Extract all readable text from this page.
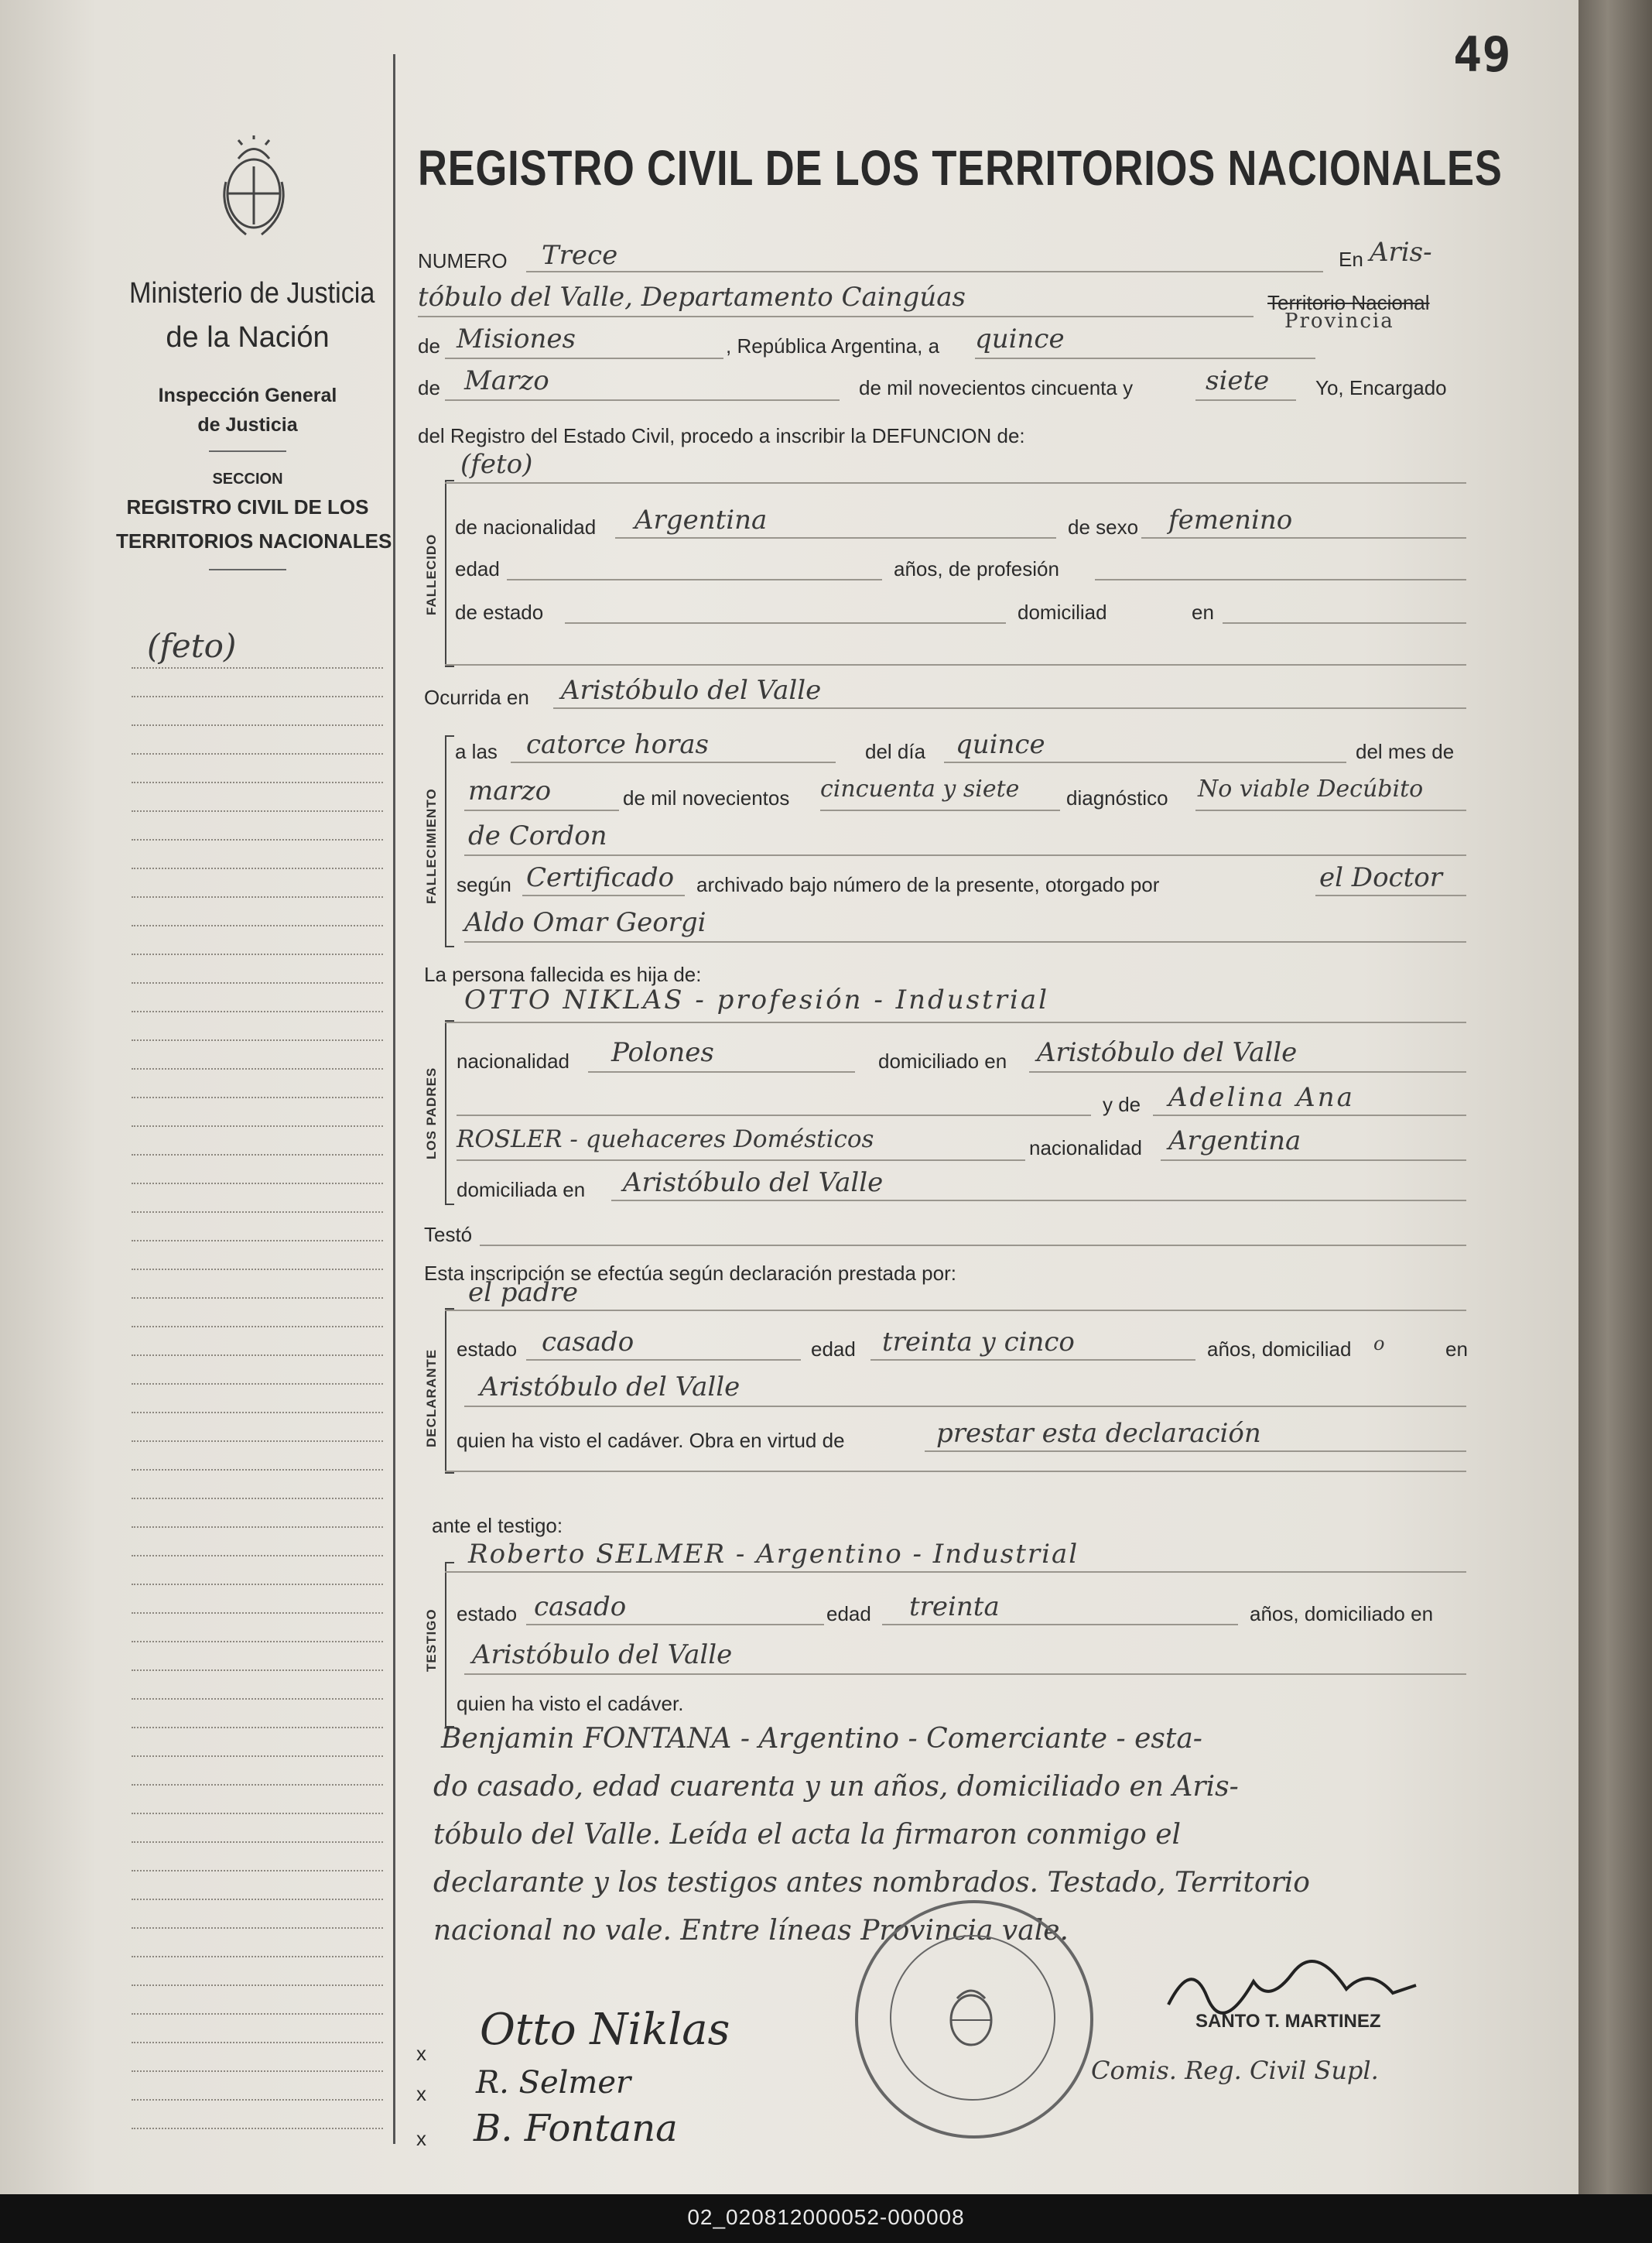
49
Ministerio de Justicia
de la Nación
Inspección General
de Justicia
SECCION
REGISTRO CIVIL DE LOS
TERRITORIOS NACIONALES
(feto)
REGISTRO CIVIL DE LOS TERRITORIOS NACIONALES
NUMERO Trece	En Aris-
tóbulo del Valle, Departamento Caingúas	Territorio Nacional
Provincia
de Misiones	, República Argentina, a quince
de Marzo	de mil novecientos cincuenta y	siete Yo, Encargado
del Registro del Estado Civil, procedo a inscribir la DEFUNCION de:
FALLECIDO
(feto)
de nacionalidad Argentina	de sexo femenino
edad	años, de profesión
de estado	domiciliad	en
Ocurrida en Aristóbulo del Valle
FALLECIMIENTO
a las catorce horas	del día quince	del mes de
marzo	de mil novecientos cincuenta y siete diagnóstico No viable Decúbito
de Cordon
según Certificado archivado bajo número de la presente, otorgado por	el Doctor
Aldo Omar Georgi
La persona fallecida es hija de:
LOS PADRES
OTTO NIKLAS - profesión - Industrial
nacionalidad Polones	domiciliado en Aristóbulo del Valle
y de Adelina Ana
ROSLER - quehaceres Domésticos	nacionalidad Argentina
domiciliada en Aristóbulo del Valle
Testó
Esta inscripción se efectúa según declaración prestada por:
DECLARANTE
el padre
estado casado	edad treinta y cinco	años, domiciliad o	en
Aristóbulo del Valle
quien ha visto el cadáver. Obra en virtud de	prestar esta declaración
ante el testigo:
TESTIGO
Roberto SELMER - Argentino - Industrial
estado casado	edad treinta	años, domiciliado en
Aristóbulo del Valle
quien ha visto el cadáver.
Benjamin FONTANA - Argentino - Comerciante - esta-
do casado, edad cuarenta y un años, domiciliado en Aris-
tóbulo del Valle. Leída el acta la firmaron conmigo el
declarante y los testigos antes nombrados. Testado, Territorio
nacional no vale. Entre líneas Provincia vale.
SANTO T. MARTINEZ
Comis. Reg. Civil Supl.
Otto Niklas
R. Selmer
B. Fontana
x
x
x
02_020812000052-000008
